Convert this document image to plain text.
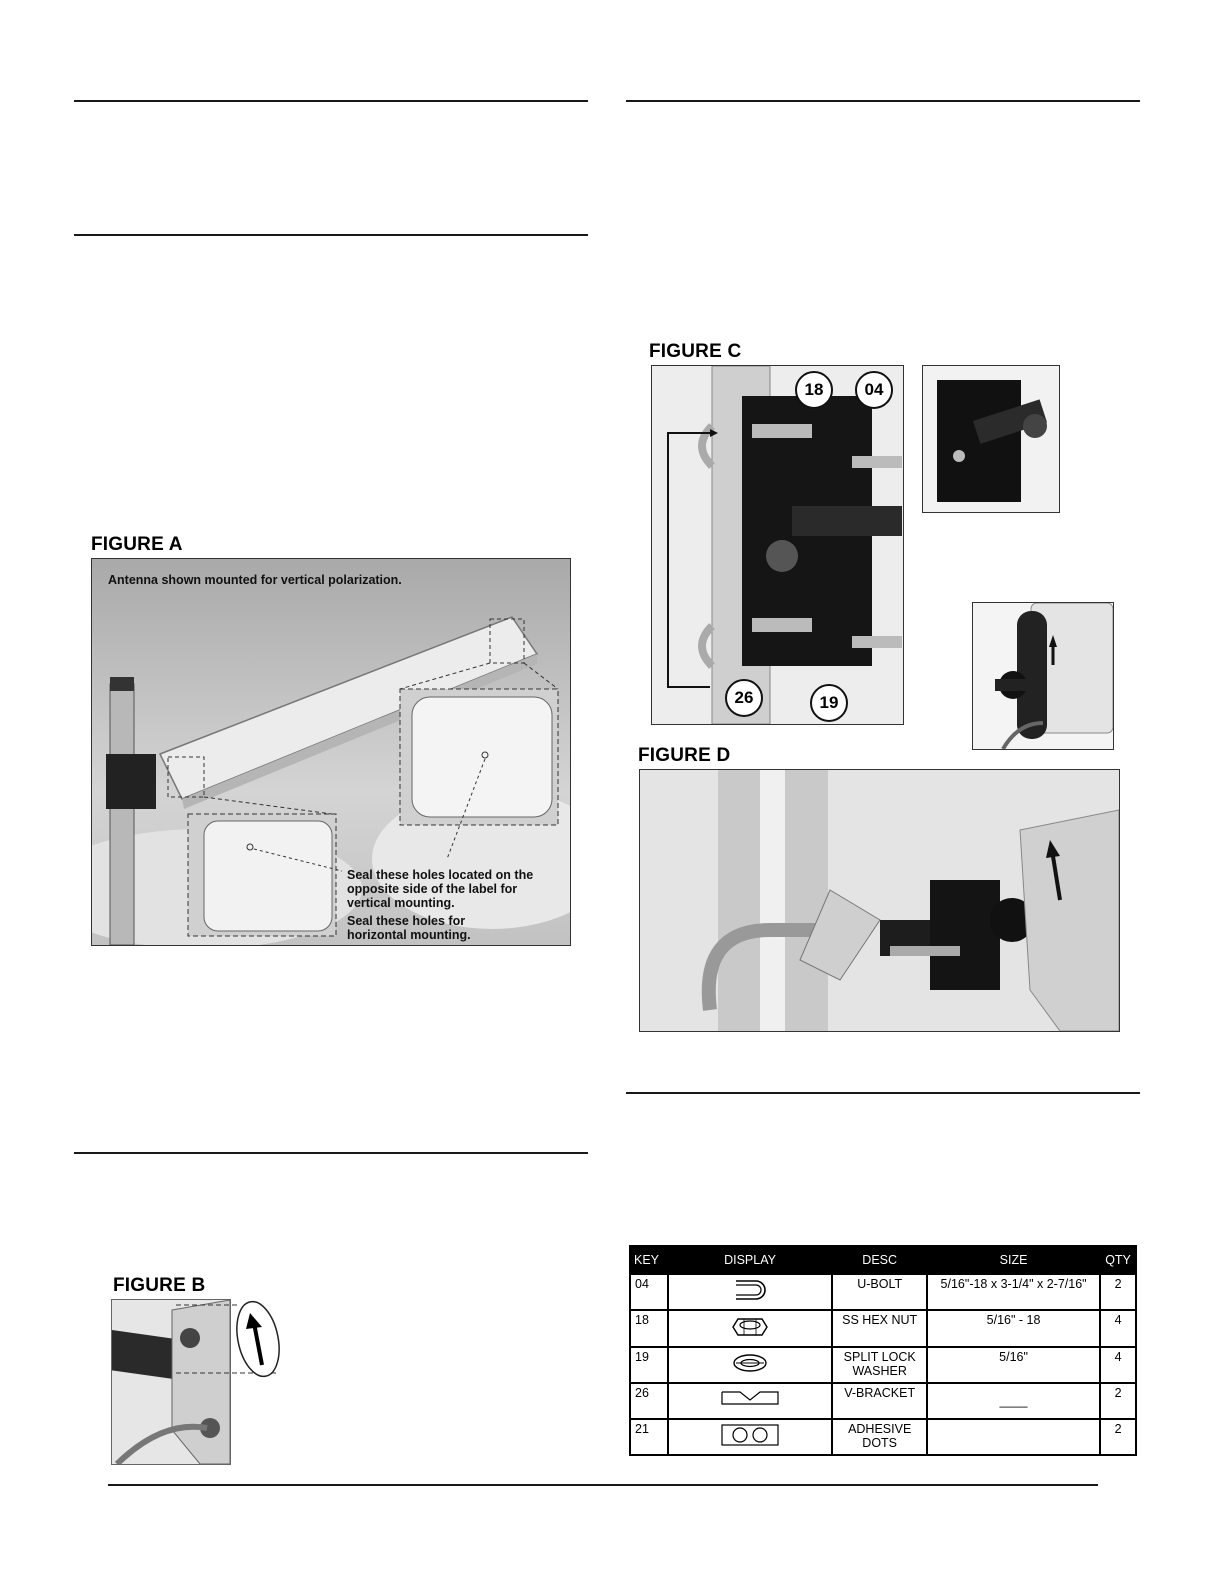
FIGURE A
Antenna shown mounted for vertical polarization.
Seal these holes located on the opposite side of the label for vertical mounting.
Seal these holes for horizontal mounting.
FIGURE B
FIGURE C
18	04
26	19
FIGURE D
KEY	DISPLAY	DESC	SIZE	QTY
04		U-BOLT	5/16"-18 x 3-1/4" x 2-7/16"	2
18		SS HEX NUT	5/16" - 18	4
19		SPLIT LOCK WASHER	5/16"	4
26		V-BRACKET	____	2
21		ADHESIVE DOTS		2
